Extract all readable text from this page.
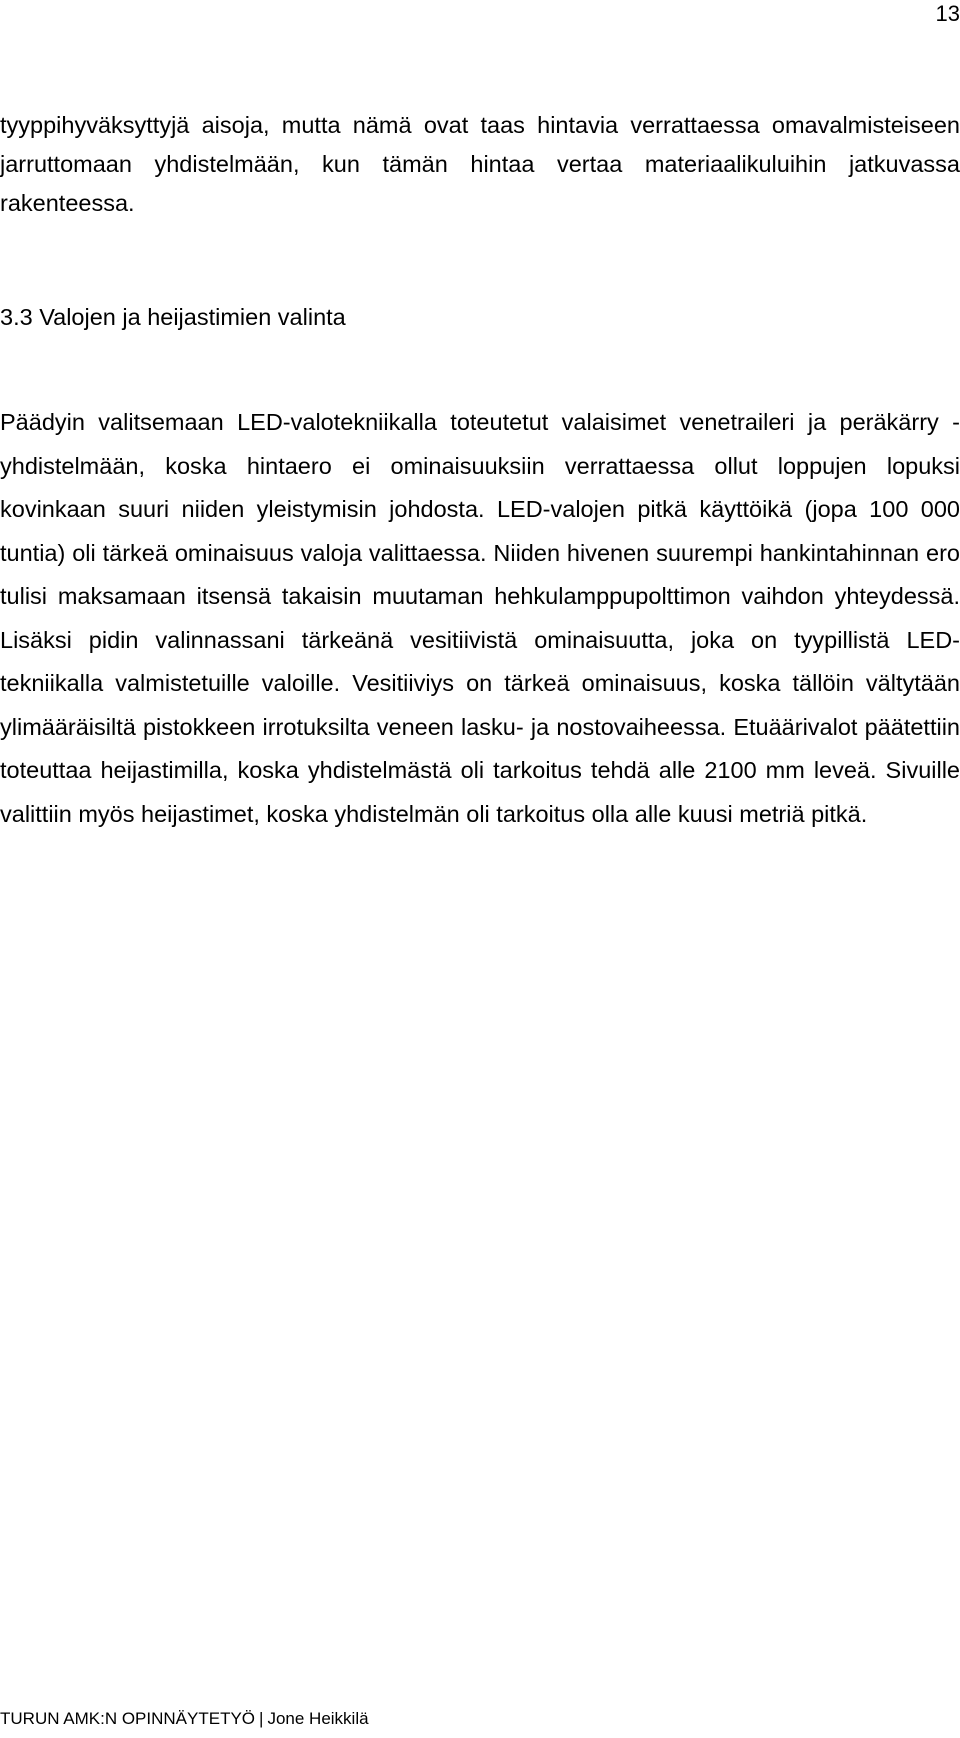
13

tyyppihyväksyttyjä aisoja, mutta nämä ovat taas hintavia verrattaessa omavalmisteiseen jarruttomaan yhdistelmään, kun tämän hintaa vertaa materiaalikuluihin jatkuvassa rakenteessa.

3.3 Valojen ja heijastimien valinta

Päädyin valitsemaan LED-valotekniikalla toteutetut valaisimet venetraileri ja peräkärry -yhdistelmään, koska hintaero ei ominaisuuksiin verrattaessa ollut loppujen lopuksi kovinkaan suuri niiden yleistymisin johdosta. LED-valojen pitkä käyttöikä (jopa 100 000 tuntia) oli tärkeä ominaisuus valoja valittaessa. Niiden hivenen suurempi hankintahinnan ero tulisi maksamaan itsensä takaisin muutaman hehkulamppupolttimon vaihdon yhteydessä. Lisäksi pidin valinnassani tärkeänä vesitiivistä ominaisuutta, joka on tyypillistä LED-tekniikalla valmistetuille valoille. Vesitiiviys on tärkeä ominaisuus, koska tällöin vältytään ylimääräisiltä pistokkeen irrotuksilta veneen lasku- ja nostovaiheessa. Etuäärivalot päätettiin toteuttaa heijastimilla, koska yhdistelmästä oli tarkoitus tehdä alle 2100 mm leveä. Sivuille valittiin myös heijastimet, koska yhdistelmän oli tarkoitus olla alle kuusi metriä pitkä.

TURUN AMK:N OPINNÄYTETYÖ | Jone Heikkilä
